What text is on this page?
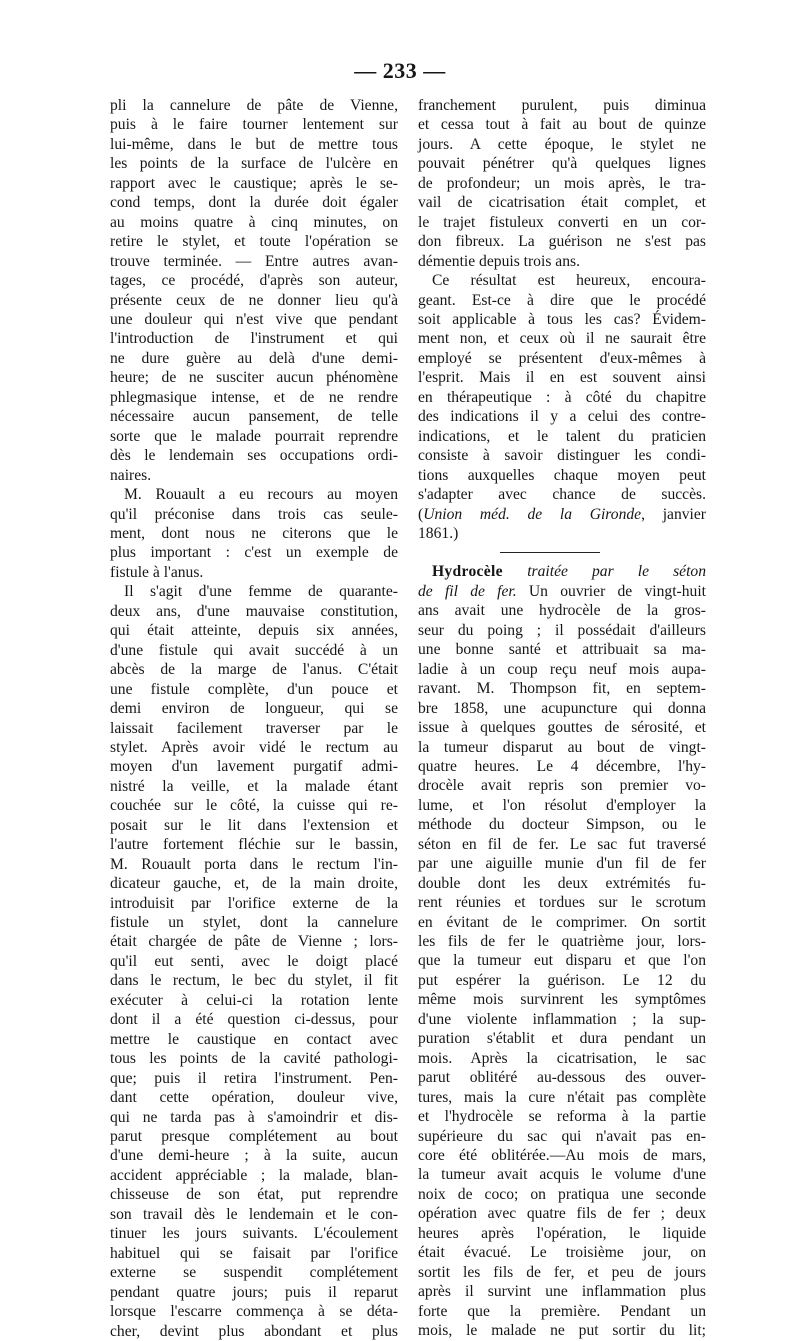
— 233 —
pli la cannelure de pâte de Vienne,
puis à le faire tourner lentement sur
lui-même, dans le but de mettre tous
les points de la surface de l'ulcère en
rapport avec le caustique; après le se-
cond temps, dont la durée doit égaler
au moins quatre à cinq minutes, on
retire le stylet, et toute l'opération se
trouve terminée. — Entre autres avan-
tages, ce procédé, d'après son auteur,
présente ceux de ne donner lieu qu'à
une douleur qui n'est vive que pendant
l'introduction de l'instrument et qui
ne dure guère au delà d'une demi-
heure; de ne susciter aucun phénomène
phlegmasique intense, et de ne rendre
nécessaire aucun pansement, de telle
sorte que le malade pourrait reprendre
dès le lendemain ses occupations ordi-
naires.
M. Rouault a eu recours au moyen
qu'il préconise dans trois cas seule-
ment, dont nous ne citerons que le
plus important : c'est un exemple de
fistule à l'anus.
Il s'agit d'une femme de quarante-
deux ans, d'une mauvaise constitution,
qui était atteinte, depuis six années,
d'une fistule qui avait succédé à un
abcès de la marge de l'anus. C'était
une fistule complète, d'un pouce et
demi environ de longueur, qui se
laissait facilement traverser par le
stylet. Après avoir vidé le rectum au
moyen d'un lavement purgatif admi-
nistré la veille, et la malade étant
couchée sur le côté, la cuisse qui re-
posait sur le lit dans l'extension et
l'autre fortement fléchie sur le bassin,
M. Rouault porta dans le rectum l'in-
dicateur gauche, et, de la main droite,
introduisit par l'orifice externe de la
fistule un stylet, dont la cannelure
était chargée de pâte de Vienne ; lors-
qu'il eut senti, avec le doigt placé
dans le rectum, le bec du stylet, il fit
exécuter à celui-ci la rotation lente
dont il a été question ci-dessus, pour
mettre le caustique en contact avec
tous les points de la cavité pathologi-
que; puis il retira l'instrument. Pen-
dant cette opération, douleur vive,
qui ne tarda pas à s'amoindrir et dis-
parut presque complétement au bout
d'une demi-heure ; à la suite, aucun
accident appréciable ; la malade, blan-
chisseuse de son état, put reprendre
son travail dès le lendemain et le con-
tinuer les jours suivants. L'écoulement
habituel qui se faisait par l'orifice
externe se suspendit complétement
pendant quatre jours; puis il reparut
lorsque l'escarre commença à se déta-
cher, devint plus abondant et plus
franchement purulent, puis diminua
et cessa tout à fait au bout de quinze
jours. A cette époque, le stylet ne
pouvait pénétrer qu'à quelques lignes
de profondeur; un mois après, le tra-
vail de cicatrisation était complet, et
le trajet fistuleux converti en un cor-
don fibreux. La guérison ne s'est pas
démentie depuis trois ans.
Ce résultat est heureux, encoura-
geant. Est-ce à dire que le procédé
soit applicable à tous les cas? Évidem-
ment non, et ceux où il ne saurait être
employé se présentent d'eux-mêmes à
l'esprit. Mais il en est souvent ainsi
en thérapeutique : à côté du chapitre
des indications il y a celui des contre-
indications, et le talent du praticien
consiste à savoir distinguer les condi-
tions auxquelles chaque moyen peut
s'adapter avec chance de succès.
(Union méd. de la Gironde, janvier
1861.)
Hydrocèle traitée par le séton
de fil de fer. Un ouvrier de vingt-huit
ans avait une hydrocèle de la gros-
seur du poing ; il possédait d'ailleurs
une bonne santé et attribuait sa ma-
ladie à un coup reçu neuf mois aupa-
ravant. M. Thompson fit, en septem-
bre 1858, une acupuncture qui donna
issue à quelques gouttes de sérosité, et
la tumeur disparut au bout de vingt-
quatre heures. Le 4 décembre, l'hy-
drocèle avait repris son premier vo-
lume, et l'on résolut d'employer la
méthode du docteur Simpson, ou le
séton en fil de fer. Le sac fut traversé
par une aiguille munie d'un fil de fer
double dont les deux extrémités fu-
rent réunies et tordues sur le scrotum
en évitant de le comprimer. On sortit
les fils de fer le quatrième jour, lors-
que la tumeur eut disparu et que l'on
put espérer la guérison. Le 12 du
même mois survinrent les symptômes
d'une violente inflammation ; la sup-
puration s'établit et dura pendant un
mois. Après la cicatrisation, le sac
parut oblitéré au-dessous des ouver-
tures, mais la cure n'était pas complète
et l'hydrocèle se reforma à la partie
supérieure du sac qui n'avait pas en-
core été oblitérée.—Au mois de mars,
la tumeur avait acquis le volume d'une
noix de coco; on pratiqua une seconde
opération avec quatre fils de fer ; deux
heures après l'opération, le liquide
était évacué. Le troisième jour, on
sortit les fils de fer, et peu de jours
après il survint une inflammation plus
forte que la première. Pendant un
mois, le malade ne put sortir du lit;
